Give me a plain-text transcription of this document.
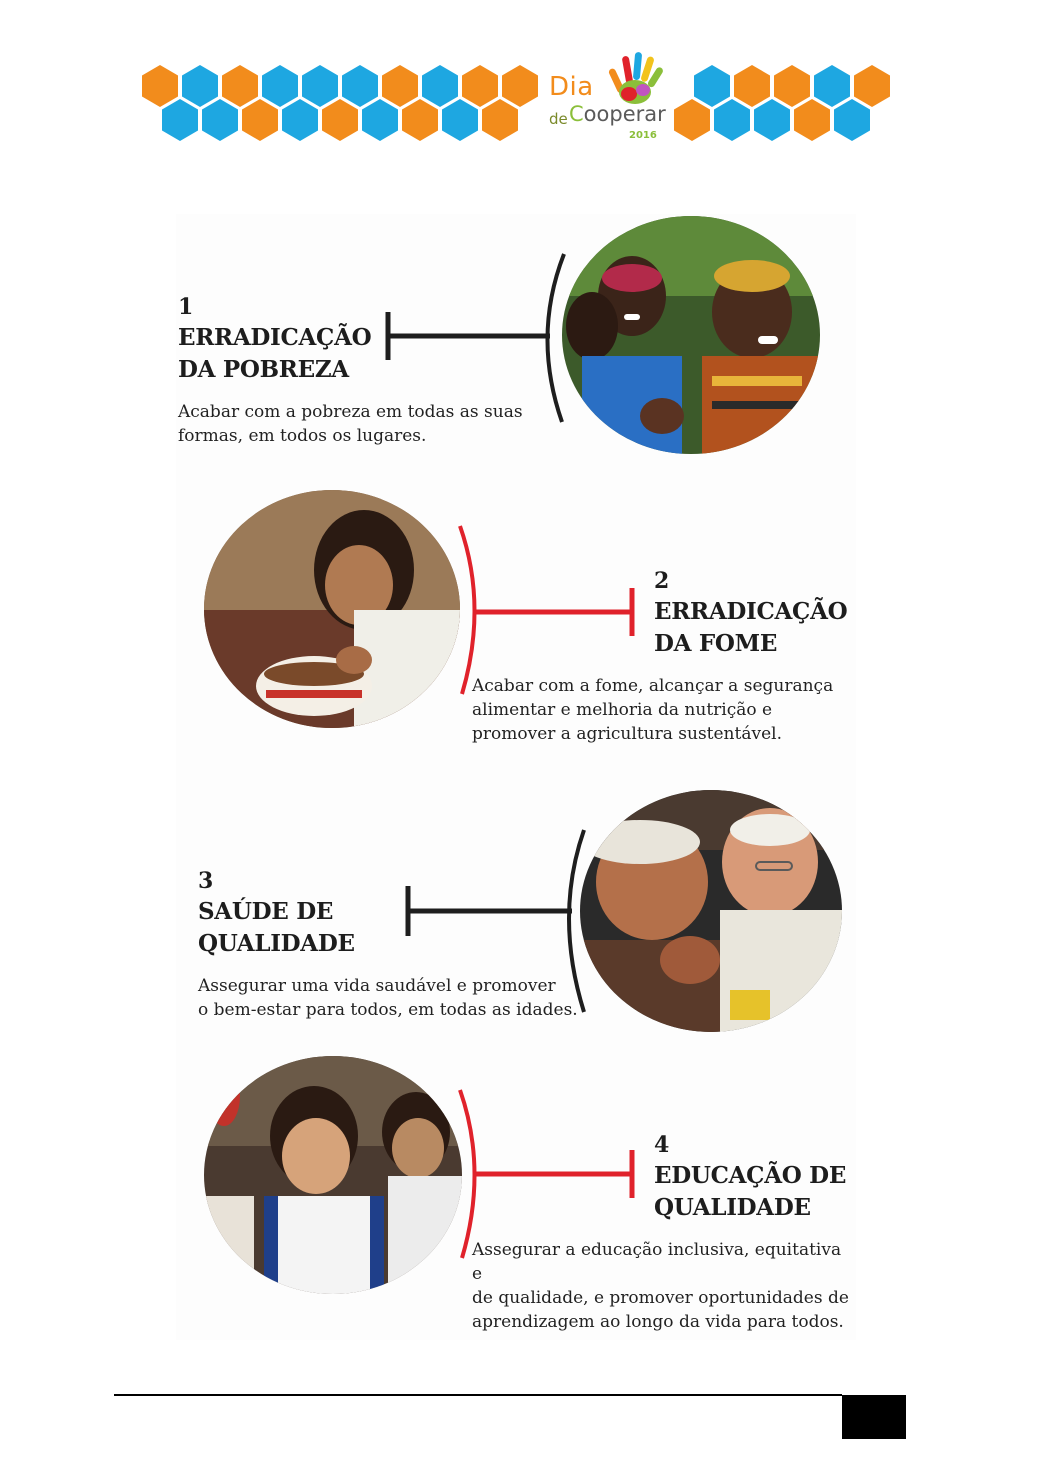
Dia
de Cooperar
2016
1
ERRADICAÇÃO
DA POBREZA
Acabar com a pobreza em todas as suas
formas, em todos os lugares.
2
ERRADICAÇÃO
DA FOME
Acabar com a fome, alcançar a segurança
alimentar e melhoria da nutrição e
promover a agricultura sustentável.
3
SAÚDE DE
QUALIDADE
Assegurar uma vida saudável e promover
o bem-estar para todos, em todas as idades.
4
EDUCAÇÃO DE
QUALIDADE
Assegurar a educação inclusiva, equitativa e
de qualidade, e promover oportunidades de
aprendizagem ao longo da vida para todos.
